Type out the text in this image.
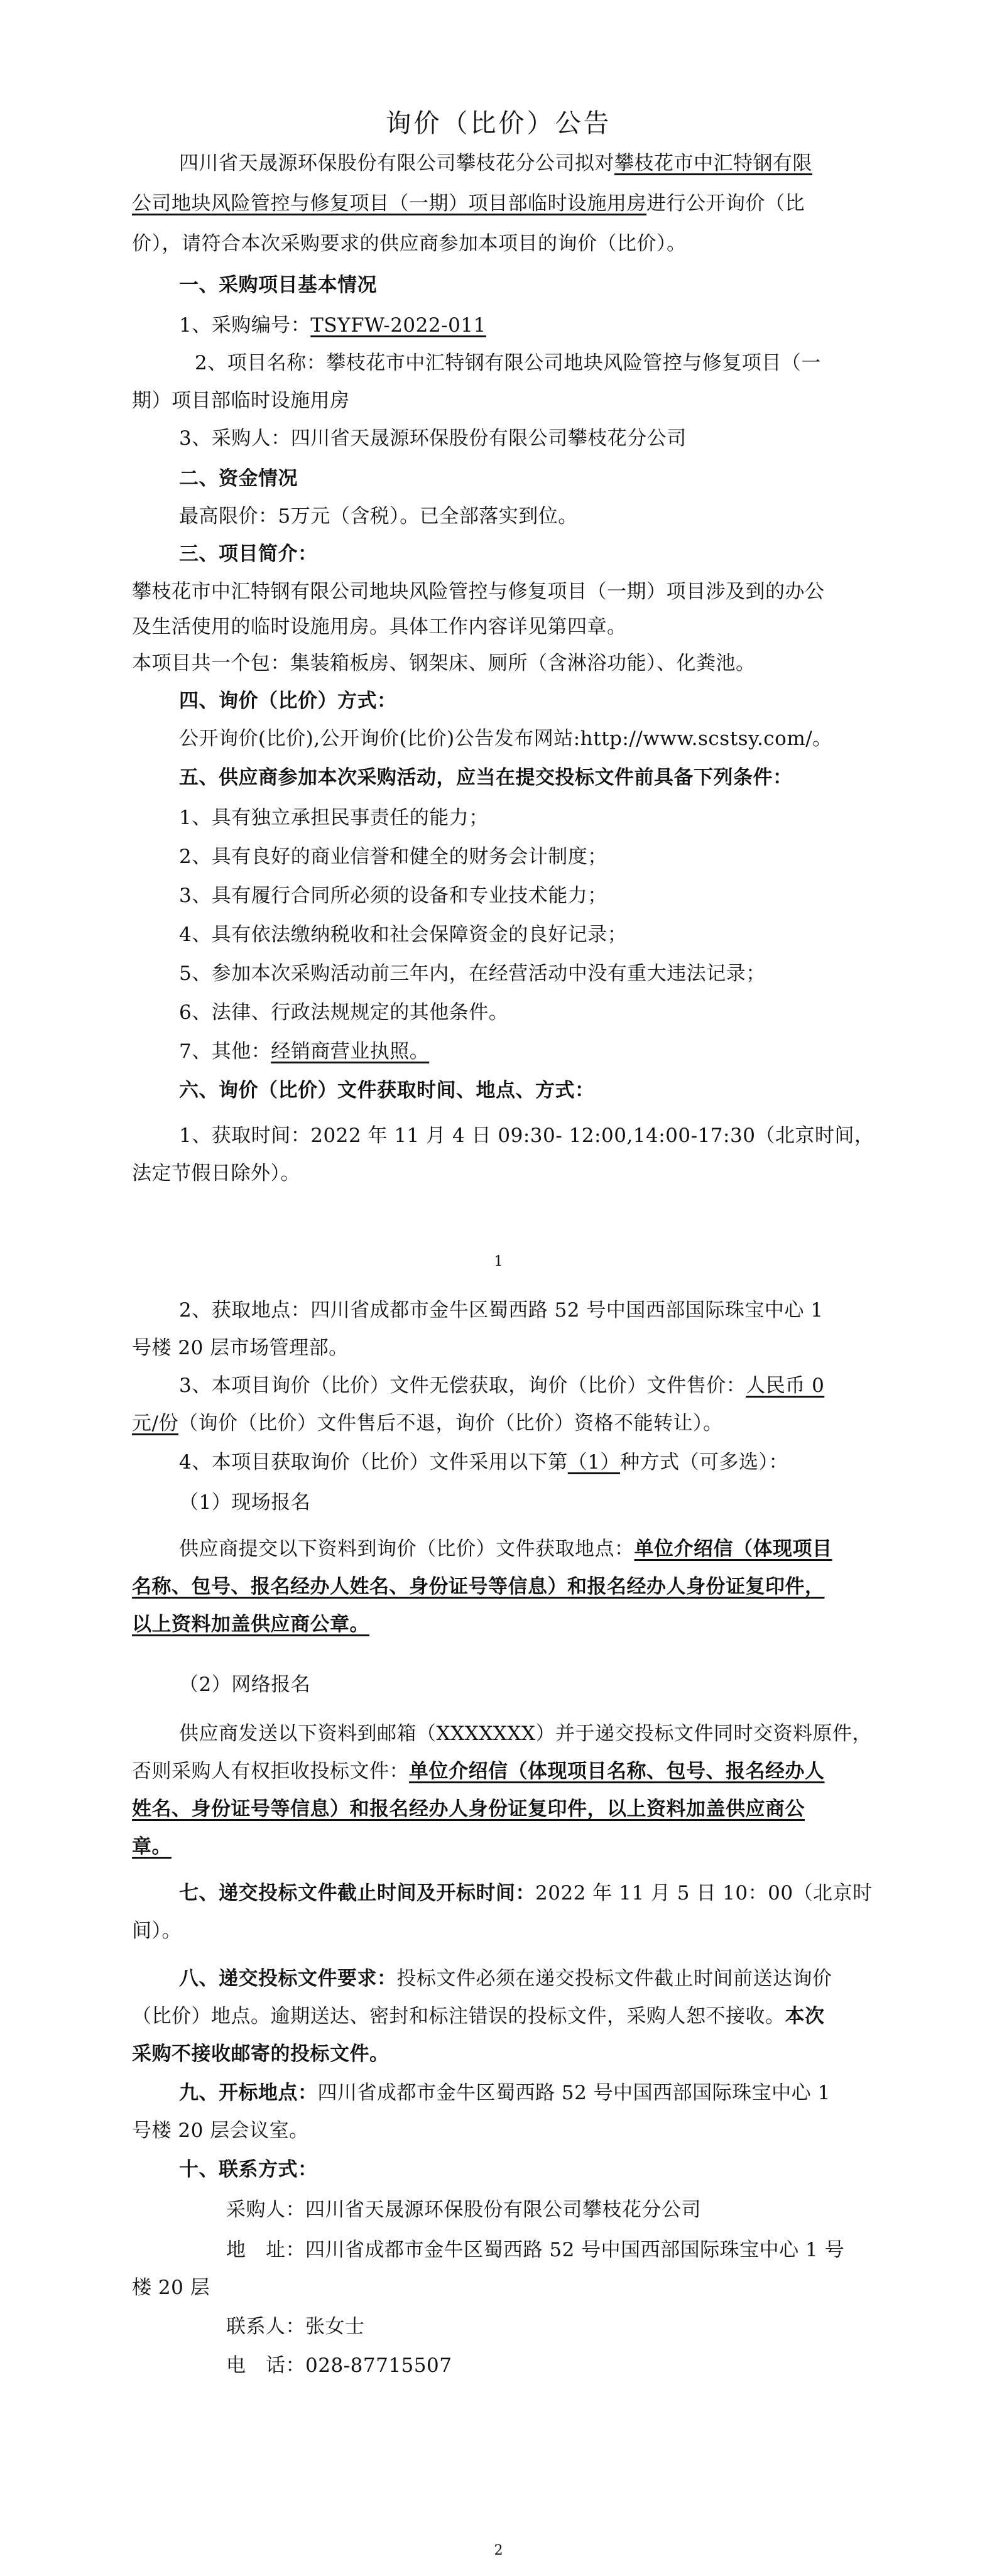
询价（比价）公告
四川省天晟源环保股份有限公司攀枝花分公司拟对攀枝花市中汇特钢有限
公司地块风险管控与修复项目（一期）项目部临时设施用房进行公开询价（比
价），请符合本次采购要求的供应商参加本项目的询价（比价）。
一、采购项目基本情况
1、采购编号：TSYFW-2022-011
2、项目名称：攀枝花市中汇特钢有限公司地块风险管控与修复项目（一
期）项目部临时设施用房
3、采购人：四川省天晟源环保股份有限公司攀枝花分公司
二、资金情况
最高限价：5万元（含税）。已全部落实到位。
三、项目简介：
攀枝花市中汇特钢有限公司地块风险管控与修复项目（一期）项目涉及到的办公
及生活使用的临时设施用房。具体工作内容详见第四章。
本项目共一个包：集装箱板房、钢架床、厕所（含淋浴功能）、化粪池。
四、询价（比价）方式：
公开询价(比价),公开询价(比价)公告发布网站:http://www.scstsy.com/。
五、供应商参加本次采购活动，应当在提交投标文件前具备下列条件：
1、具有独立承担民事责任的能力；
2、具有良好的商业信誉和健全的财务会计制度；
3、具有履行合同所必须的设备和专业技术能力；
4、具有依法缴纳税收和社会保障资金的良好记录；
5、参加本次采购活动前三年内，在经营活动中没有重大违法记录；
6、法律、行政法规规定的其他条件。
7、其他：经销商营业执照。
六、询价（比价）文件获取时间、地点、方式：
1、获取时间：2022 年 11 月 4 日 09:30- 12:00,14:00-17:30（北京时间，
法定节假日除外）。
1
2、获取地点：四川省成都市金牛区蜀西路 52 号中国西部国际珠宝中心 1
号楼 20 层市场管理部。
3、本项目询价（比价）文件无偿获取，询价（比价）文件售价：人民币 0
元/份（询价（比价）文件售后不退，询价（比价）资格不能转让）。
4、本项目获取询价（比价）文件采用以下第（1）种方式（可多选）：
（1）现场报名
供应商提交以下资料到询价（比价）文件获取地点：单位介绍信（体现项目
名称、包号、报名经办人姓名、身份证号等信息）和报名经办人身份证复印件，
以上资料加盖供应商公章。
（2）网络报名
供应商发送以下资料到邮箱（XXXXXXX）并于递交投标文件同时交资料原件，
否则采购人有权拒收投标文件：单位介绍信（体现项目名称、包号、报名经办人
姓名、身份证号等信息）和报名经办人身份证复印件，以上资料加盖供应商公
章。
七、递交投标文件截止时间及开标时间：2022 年 11 月 5 日 10：00（北京时
间）。
八、递交投标文件要求：投标文件必须在递交投标文件截止时间前送达询价
（比价）地点。逾期送达、密封和标注错误的投标文件，采购人恕不接收。本次
采购不接收邮寄的投标文件。
九、开标地点：四川省成都市金牛区蜀西路 52 号中国西部国际珠宝中心 1
号楼 20 层会议室。
十、联系方式：
采购人：四川省天晟源环保股份有限公司攀枝花分公司
地　址：四川省成都市金牛区蜀西路 52 号中国西部国际珠宝中心 1 号
楼 20 层
联系人：张女士
电　话：028-87715507
2
